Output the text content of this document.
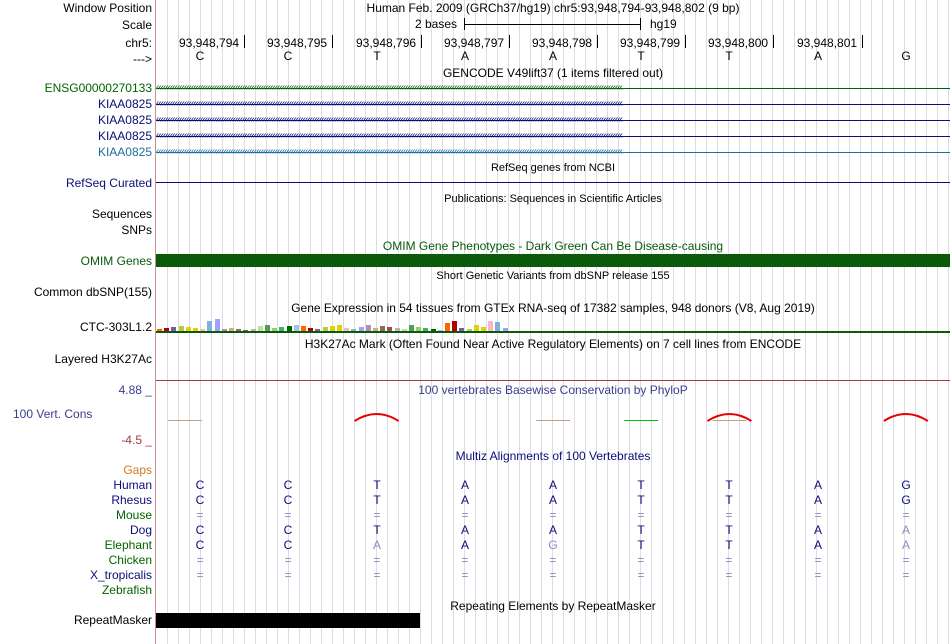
Window Position	Human Feb. 2009 (GRCh37/hg19) chr5:93,948,794-93,948,802 (9 bp)
Scale	2 bases	hg19
chr5: 93,948,794 93,948,795 93,948,796 93,948,797 93,948,798 93,948,799 93,948,800 93,948,801
--->	C	C	T	A	A	T	T	A	G
GENCODE V49lift37 (1 items filtered out)
ENSG00000270133
KIAA0825
KIAA0825
KIAA0825
KIAA0825
RefSeq genes from NCBI
RefSeq Curated
Publications: Sequences in Scientific Articles
Sequences
SNPs
OMIM Gene Phenotypes - Dark Green Can Be Disease-causing
OMIM Genes
Short Genetic Variants from dbSNP release 155
Common dbSNP(155)
Gene Expression in 54 tissues from GTEx RNA-seq of 17382 samples, 948 donors (V8, Aug 2019)
CTC-303L1.2
H3K27Ac Mark (Often Found Near Active Regulatory Elements) on 7 cell lines from ENCODE
Layered H3K27Ac
100 vertebrates Basewise Conservation by PhyloP
4.88 _
100 Vert. Cons
-4.5 _
Multiz Alignments of 100 Vertebrates
Gaps
Human	C	C	T	A	A	T	T	A	G
Rhesus	C	C	T	A	A	T	T	A	G
Mouse	=	=	=	=	=	=	=	=	=
Dog	C	C	T	A	A	T	T	A	A
Elephant	C	C	A	A	G	T	T	A	A
Chicken	=	=	=	=	=	=	=	=	=
X_tropicalis	=	=	=	=	=	=	=	=	=
Zebrafish
Repeating Elements by RepeatMasker
RepeatMasker
